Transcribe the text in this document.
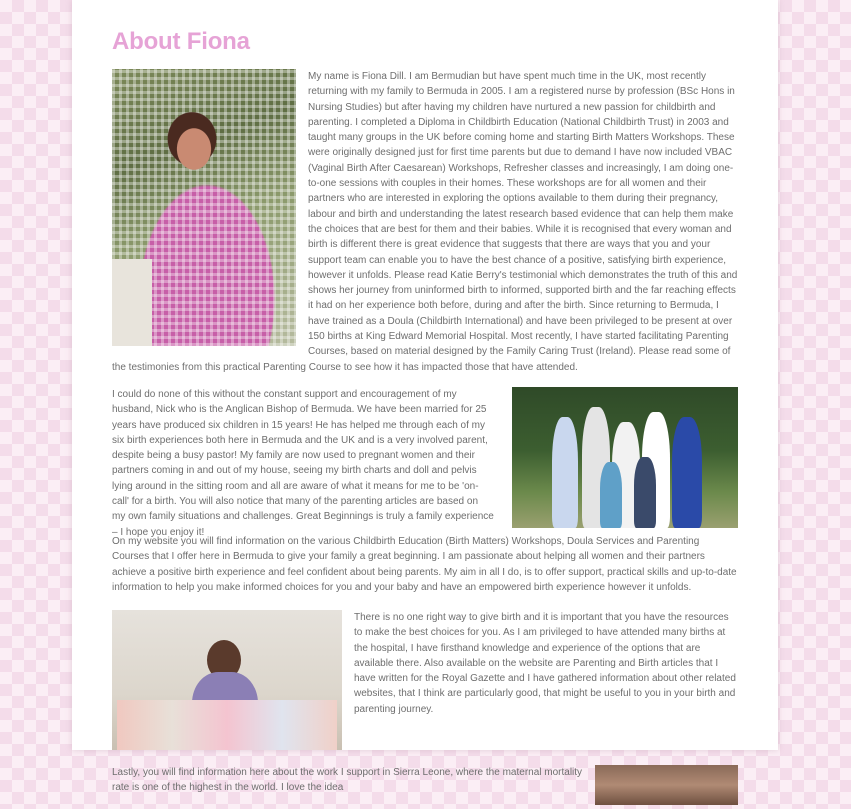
About Fiona

My name is Fiona Dill. I am Bermudian but have spent much time in the UK, most recently returning with my family to Bermuda in 2005. I am a registered nurse by profession (BSc Hons in Nursing Studies) but after having my children have nurtured a new passion for childbirth and parenting. I completed a Diploma in Childbirth Education (National Childbirth Trust) in 2003 and taught many groups in the UK before coming home and starting Birth Matters Workshops. These were originally designed just for first time parents but due to demand I have now included VBAC (Vaginal Birth After Caesarean) Workshops, Refresher classes and increasingly, I am doing one-to-one sessions with couples in their homes. These workshops are for all women and their partners who are interested in exploring the options available to them during their pregnancy, labour and birth and understanding the latest research based evidence that can help them make the choices that are best for them and their babies. While it is recognised that every woman and birth is different there is great evidence that suggests that there are ways that you and your support team can enable you to have the best chance of a positive, satisfying birth experience, however it unfolds. Please read Katie Berry's testimonial which demonstrates the truth of this and shows her journey from uninformed birth to informed, supported birth and the far reaching effects it had on her experience both before, during and after the birth. Since returning to Bermuda, I have trained as a Doula (Childbirth International) and have been privileged to be present at over 150 births at King Edward Memorial Hospital. Most recently, I have started facilitating Parenting Courses, based on material designed by the Family Caring Trust (Ireland). Please read some of the testimonies from this practical Parenting Course to see how it has impacted those that have attended.

I could do none of this without the constant support and encouragement of my husband, Nick who is the Anglican Bishop of Bermuda. We have been married for 25 years have produced six children in 15 years! He has helped me through each of my six birth experiences both here in Bermuda and the UK and is a very involved parent, despite being a busy pastor! My family are now used to pregnant women and their partners coming in and out of my house, seeing my birth charts and doll and pelvis lying around in the sitting room and all are aware of what it means for me to be 'on-call' for a birth. You will also notice that many of the parenting articles are based on my own family situations and challenges. Great Beginnings is truly a family experience – I hope you enjoy it!

On my website you will find information on the various Childbirth Education (Birth Matters) Workshops, Doula Services and Parenting Courses that I offer here in Bermuda to give your family a great beginning. I am passionate about helping all women and their partners achieve a positive birth experience and feel confident about being parents. My aim in all I do, is to offer support, practical skills and up-to-date information to help you make informed choices for you and your baby and have an empowered birth experience however it unfolds.

There is no one right way to give birth and it is important that you have the resources to make the best choices for you. As I am privileged to have attended many births at the hospital, I have firsthand knowledge and experience of the options that are available there. Also available on the website are Parenting and Birth articles that I have written for the Royal Gazette and I have gathered information about other related websites, that I think are particularly good, that might be useful to you in your birth and parenting journey.

Lastly, you will find information here about the work I support in Sierra Leone, where the maternal mortality rate is one of the highest in the world. I love the idea
